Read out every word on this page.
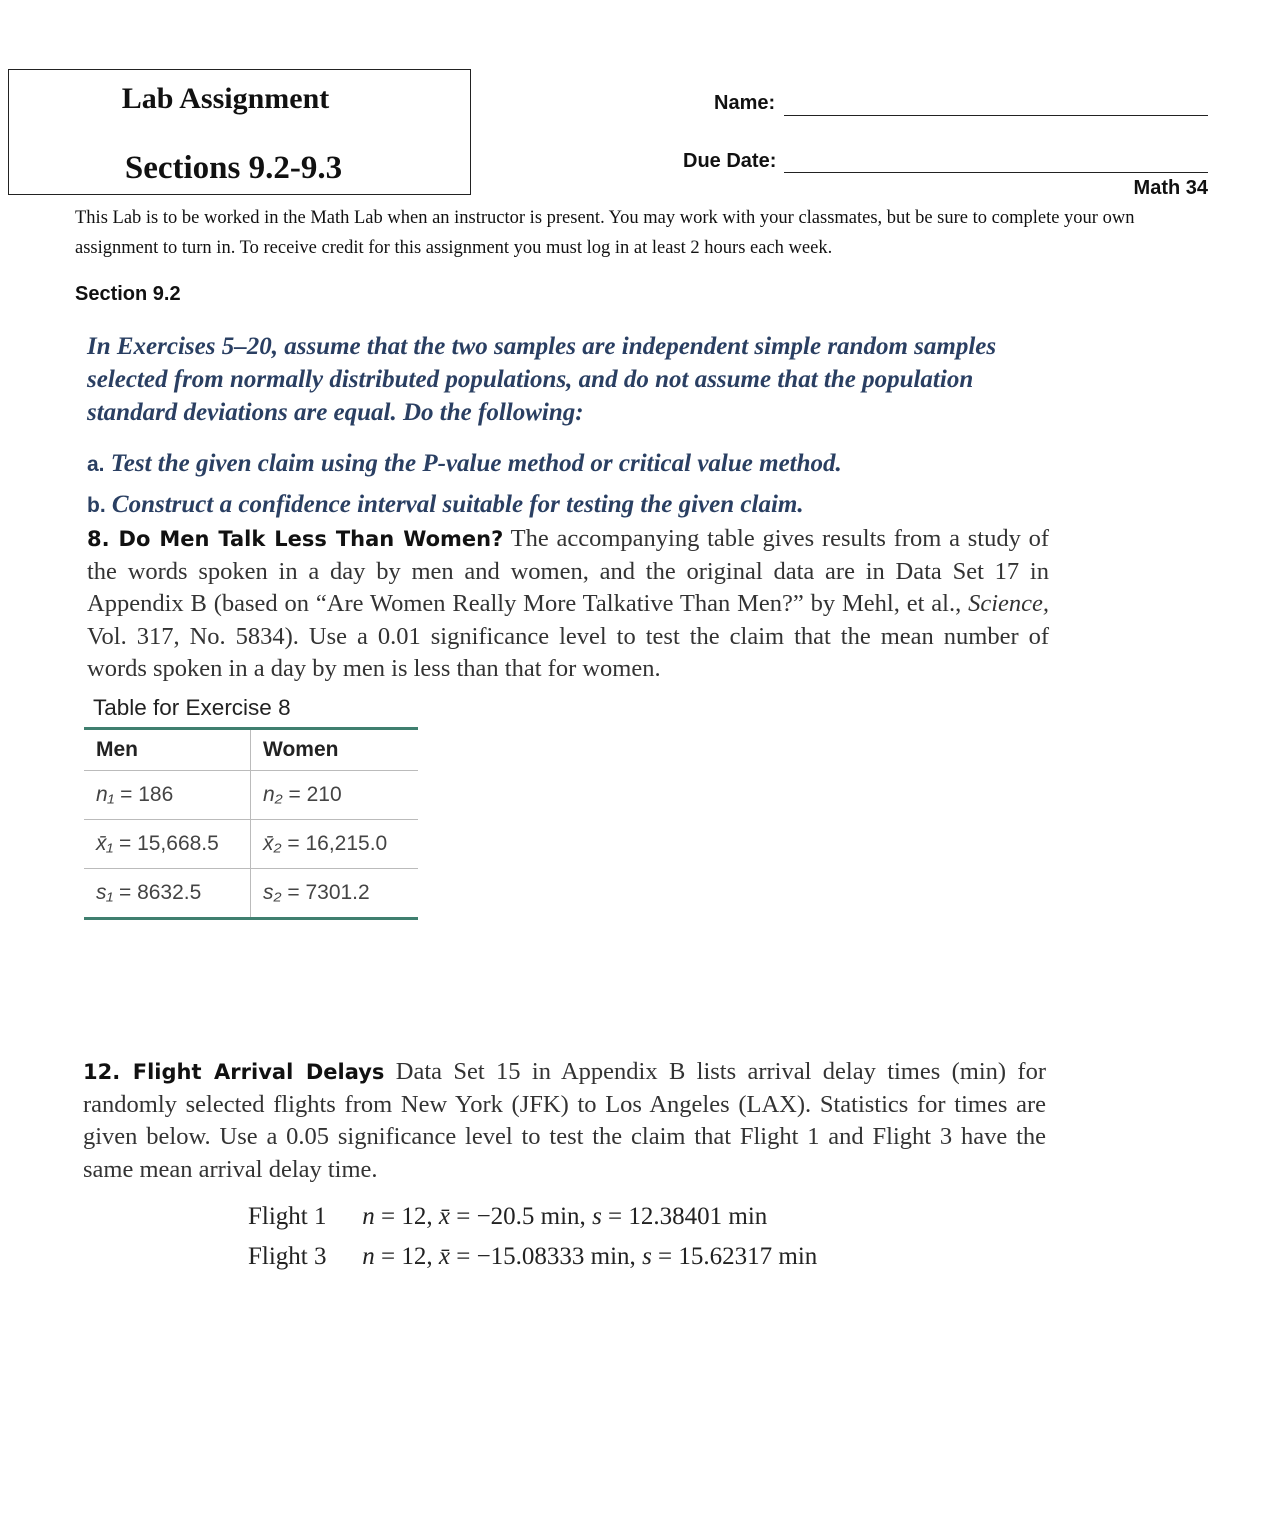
Lab Assignment
Sections 9.2-9.3
Name:
Due Date:
Math 34
This Lab is to be worked in the Math Lab when an instructor is present. You may work with your classmates, but be sure to complete your own assignment to turn in. To receive credit for this assignment you must log in at least 2 hours each week.
Section 9.2
In Exercises 5–20, assume that the two samples are independent simple random samples selected from normally distributed populations, and do not assume that the population standard deviations are equal. Do the following:
a. Test the given claim using the P-value method or critical value method.
b. Construct a confidence interval suitable for testing the given claim.
8. Do Men Talk Less Than Women? The accompanying table gives results from a study of the words spoken in a day by men and women, and the original data are in Data Set 17 in Appendix B (based on “Are Women Really More Talkative Than Men?” by Mehl, et al., Science, Vol. 317, No. 5834). Use a 0.01 significance level to test the claim that the mean number of words spoken in a day by men is less than that for women.
Table for Exercise 8
Men	Women
n₁ = 186	n₂ = 210
x̄₁ = 15,668.5	x̄₂ = 16,215.0
s₁ = 8632.5	s₂ = 7301.2
12. Flight Arrival Delays Data Set 15 in Appendix B lists arrival delay times (min) for randomly selected flights from New York (JFK) to Los Angeles (LAX). Statistics for times are given below. Use a 0.05 significance level to test the claim that Flight 1 and Flight 3 have the same mean arrival delay time.
Flight 1 n = 12, x̄ = −20.5 min, s = 12.38401 min
Flight 3 n = 12, x̄ = −15.08333 min, s = 15.62317 min
